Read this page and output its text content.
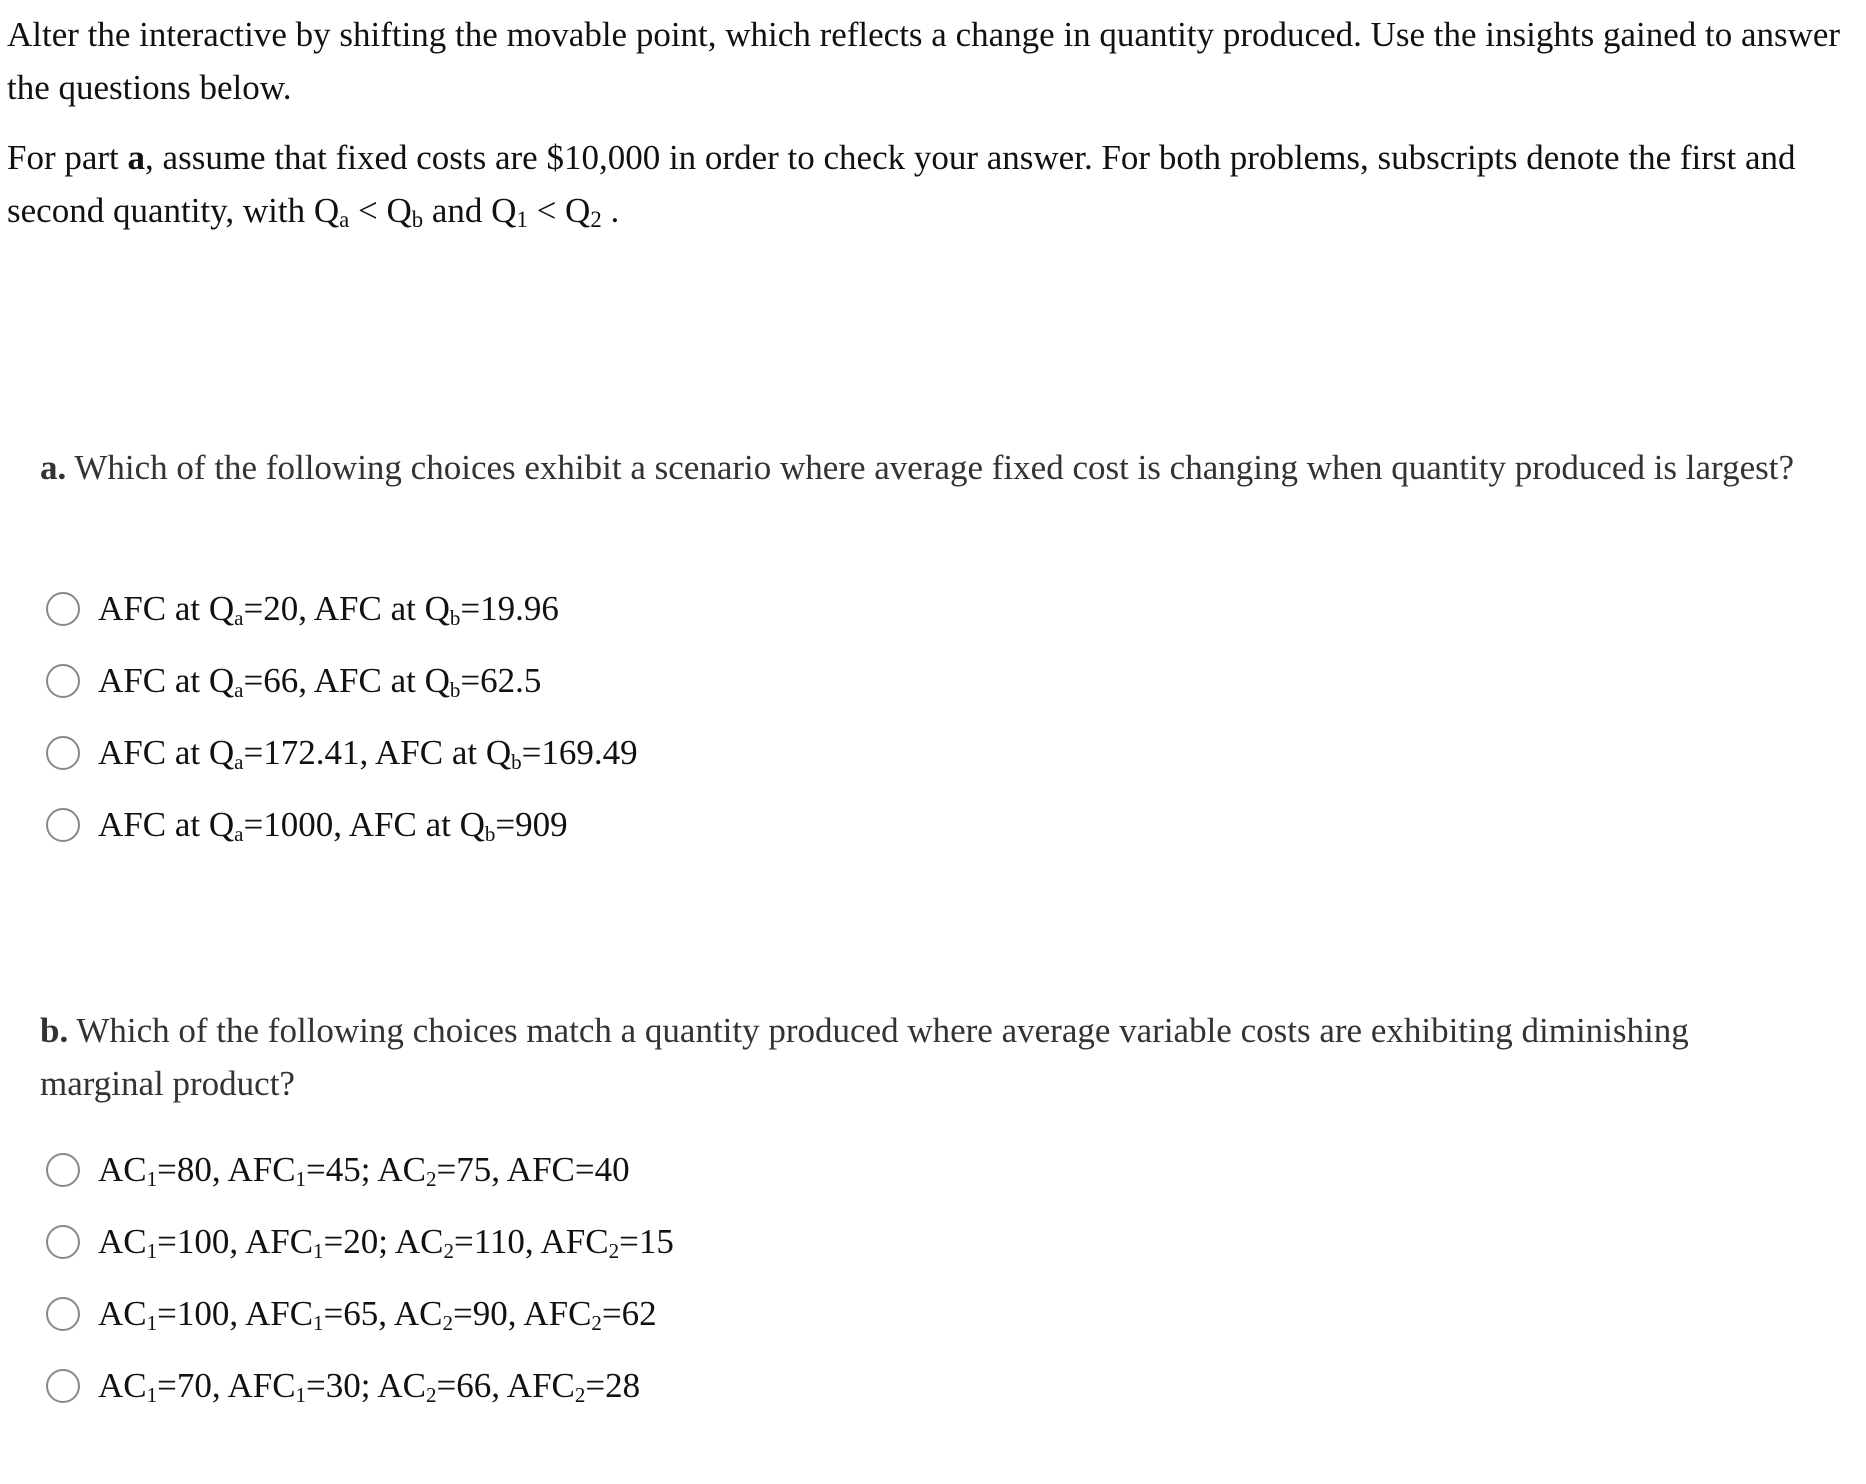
Alter the interactive by shifting the movable point, which reflects a change in quantity produced. Use the insights gained to answer the questions below.
For part a, assume that fixed costs are $10,000 in order to check your answer. For both problems, subscripts denote the first and second quantity, with $Q_a < Q_b$ and $Q_1 < Q_2$ .
a. Which of the following choices exhibit a scenario where average fixed cost is changing when quantity produced is largest?
AFC at $Q_a=20$, AFC at $Q_b=19.96$
AFC at $Q_a=66$, AFC at $Q_b=62.5$
AFC at $Q_a=172.41$, AFC at $Q_b=169.49$
AFC at $Q_a=1000$, AFC at $Q_b=909$
b. Which of the following choices match a quantity produced where average variable costs are exhibiting diminishing marginal product?
$AC_1=80$, $AFC_1=45$; $AC_2=75$, AFC=40
$AC_1=100$, $AFC_1=20$; $AC_2=110$, $AFC_2=15$
$AC_1=100$, $AFC_1=65$, $AC_2=90$, $AFC_2=62$
$AC_1=70$, $AFC_1=30$; $AC_2=66$, $AFC_2=28$
